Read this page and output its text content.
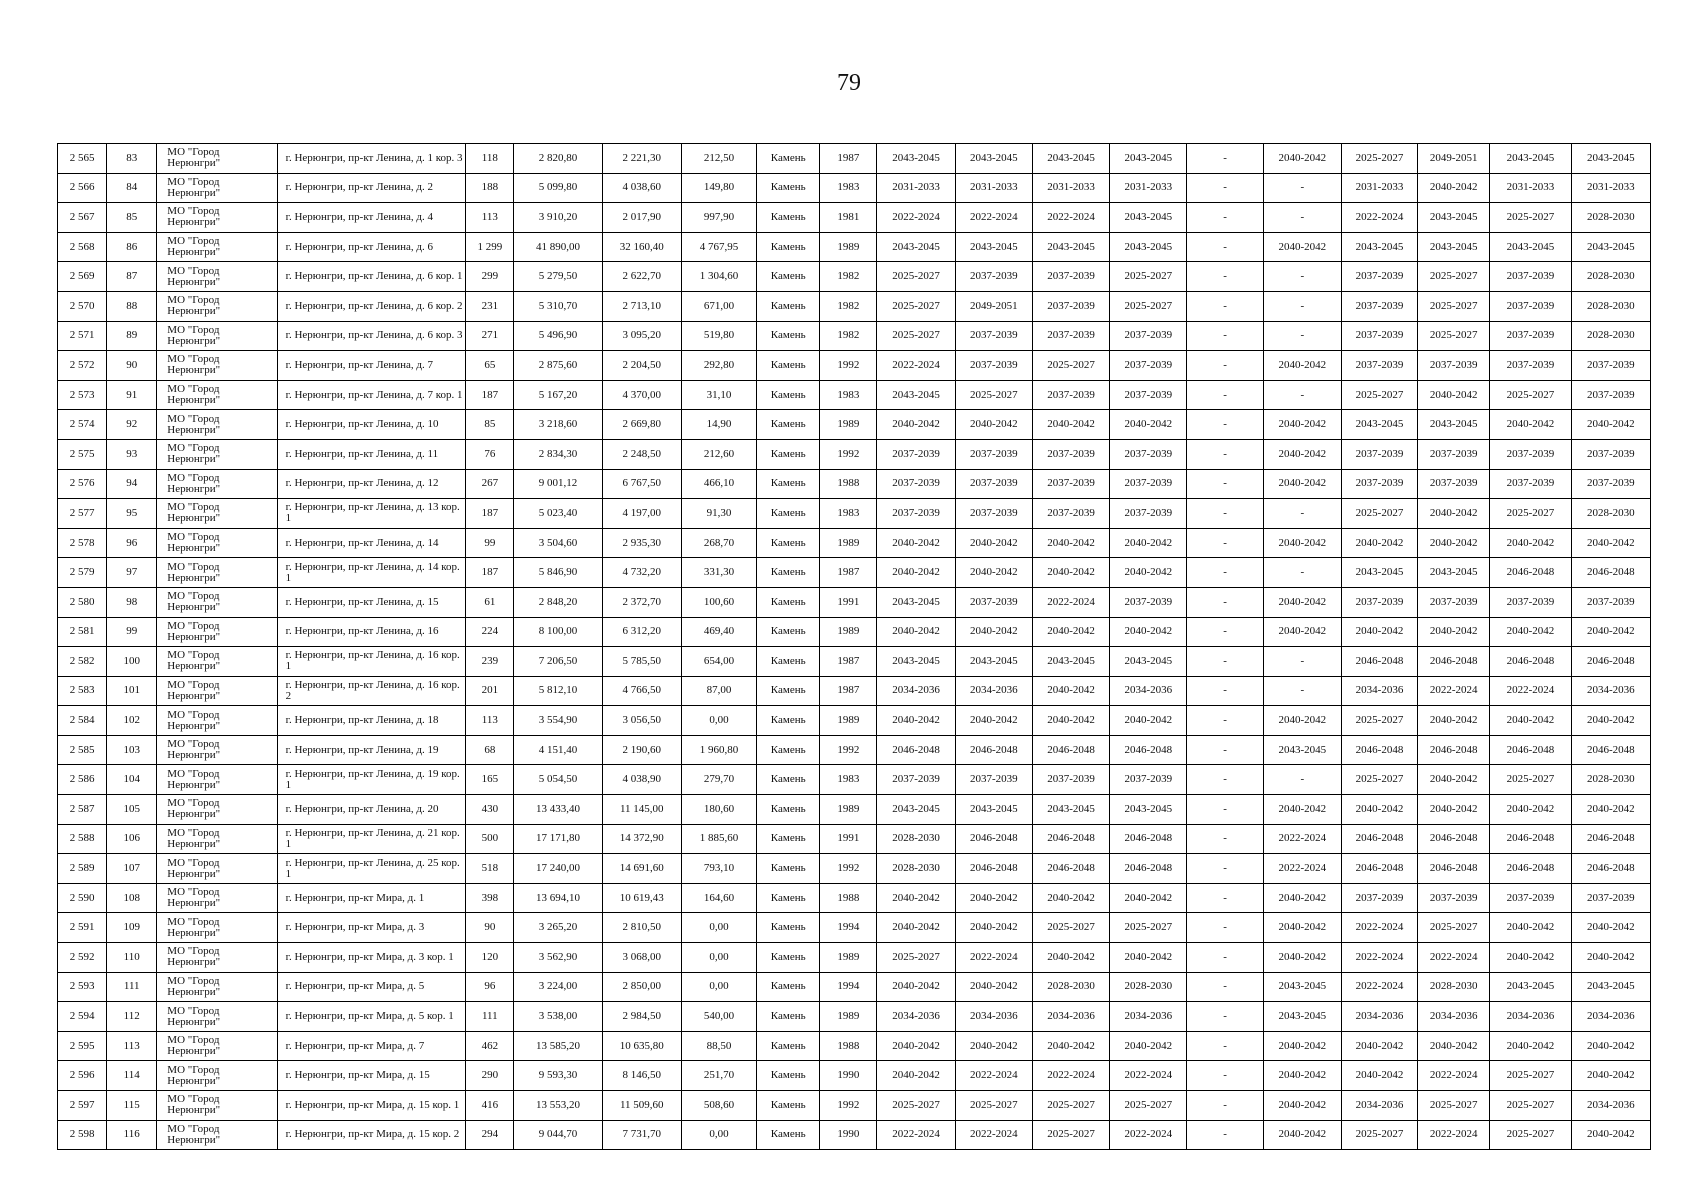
79
2 565	83	МО "Город Нерюнгри"	г. Нерюнгри, пр-кт Ленина, д. 1 кор. 3	118	2 820,80	2 221,30	212,50	Камень	1987	2043-2045	2043-2045	2043-2045	2043-2045	-	2040-2042	2025-2027	2049-2051	2043-2045	2043-2045
2 566	84	МО "Город Нерюнгри"	г. Нерюнгри, пр-кт Ленина, д. 2	188	5 099,80	4 038,60	149,80	Камень	1983	2031-2033	2031-2033	2031-2033	2031-2033	-	-	2031-2033	2040-2042	2031-2033	2031-2033
2 567	85	МО "Город Нерюнгри"	г. Нерюнгри, пр-кт Ленина, д. 4	113	3 910,20	2 017,90	997,90	Камень	1981	2022-2024	2022-2024	2022-2024	2043-2045	-	-	2022-2024	2043-2045	2025-2027	2028-2030
2 568	86	МО "Город Нерюнгри"	г. Нерюнгри, пр-кт Ленина, д. 6	1 299	41 890,00	32 160,40	4 767,95	Камень	1989	2043-2045	2043-2045	2043-2045	2043-2045	-	2040-2042	2043-2045	2043-2045	2043-2045	2043-2045
2 569	87	МО "Город Нерюнгри"	г. Нерюнгри, пр-кт Ленина, д. 6 кор. 1	299	5 279,50	2 622,70	1 304,60	Камень	1982	2025-2027	2037-2039	2037-2039	2025-2027	-	-	2037-2039	2025-2027	2037-2039	2028-2030
2 570	88	МО "Город Нерюнгри"	г. Нерюнгри, пр-кт Ленина, д. 6 кор. 2	231	5 310,70	2 713,10	671,00	Камень	1982	2025-2027	2049-2051	2037-2039	2025-2027	-	-	2037-2039	2025-2027	2037-2039	2028-2030
2 571	89	МО "Город Нерюнгри"	г. Нерюнгри, пр-кт Ленина, д. 6 кор. 3	271	5 496,90	3 095,20	519,80	Камень	1982	2025-2027	2037-2039	2037-2039	2037-2039	-	-	2037-2039	2025-2027	2037-2039	2028-2030
2 572	90	МО "Город Нерюнгри"	г. Нерюнгри, пр-кт Ленина, д. 7	65	2 875,60	2 204,50	292,80	Камень	1992	2022-2024	2037-2039	2025-2027	2037-2039	-	2040-2042	2037-2039	2037-2039	2037-2039	2037-2039
2 573	91	МО "Город Нерюнгри"	г. Нерюнгри, пр-кт Ленина, д. 7 кор. 1	187	5 167,20	4 370,00	31,10	Камень	1983	2043-2045	2025-2027	2037-2039	2037-2039	-	-	2025-2027	2040-2042	2025-2027	2037-2039
2 574	92	МО "Город Нерюнгри"	г. Нерюнгри, пр-кт Ленина, д. 10	85	3 218,60	2 669,80	14,90	Камень	1989	2040-2042	2040-2042	2040-2042	2040-2042	-	2040-2042	2043-2045	2043-2045	2040-2042	2040-2042
2 575	93	МО "Город Нерюнгри"	г. Нерюнгри, пр-кт Ленина, д. 11	76	2 834,30	2 248,50	212,60	Камень	1992	2037-2039	2037-2039	2037-2039	2037-2039	-	2040-2042	2037-2039	2037-2039	2037-2039	2037-2039
2 576	94	МО "Город Нерюнгри"	г. Нерюнгри, пр-кт Ленина, д. 12	267	9 001,12	6 767,50	466,10	Камень	1988	2037-2039	2037-2039	2037-2039	2037-2039	-	2040-2042	2037-2039	2037-2039	2037-2039	2037-2039
2 577	95	МО "Город Нерюнгри"	г. Нерюнгри, пр-кт Ленина, д. 13 кор. 1	187	5 023,40	4 197,00	91,30	Камень	1983	2037-2039	2037-2039	2037-2039	2037-2039	-	-	2025-2027	2040-2042	2025-2027	2028-2030
2 578	96	МО "Город Нерюнгри"	г. Нерюнгри, пр-кт Ленина, д. 14	99	3 504,60	2 935,30	268,70	Камень	1989	2040-2042	2040-2042	2040-2042	2040-2042	-	2040-2042	2040-2042	2040-2042	2040-2042	2040-2042
2 579	97	МО "Город Нерюнгри"	г. Нерюнгри, пр-кт Ленина, д. 14 кор. 1	187	5 846,90	4 732,20	331,30	Камень	1987	2040-2042	2040-2042	2040-2042	2040-2042	-	-	2043-2045	2043-2045	2046-2048	2046-2048
2 580	98	МО "Город Нерюнгри"	г. Нерюнгри, пр-кт Ленина, д. 15	61	2 848,20	2 372,70	100,60	Камень	1991	2043-2045	2037-2039	2022-2024	2037-2039	-	2040-2042	2037-2039	2037-2039	2037-2039	2037-2039
2 581	99	МО "Город Нерюнгри"	г. Нерюнгри, пр-кт Ленина, д. 16	224	8 100,00	6 312,20	469,40	Камень	1989	2040-2042	2040-2042	2040-2042	2040-2042	-	2040-2042	2040-2042	2040-2042	2040-2042	2040-2042
2 582	100	МО "Город Нерюнгри"	г. Нерюнгри, пр-кт Ленина, д. 16 кор. 1	239	7 206,50	5 785,50	654,00	Камень	1987	2043-2045	2043-2045	2043-2045	2043-2045	-	-	2046-2048	2046-2048	2046-2048	2046-2048
2 583	101	МО "Город Нерюнгри"	г. Нерюнгри, пр-кт Ленина, д. 16 кор. 2	201	5 812,10	4 766,50	87,00	Камень	1987	2034-2036	2034-2036	2040-2042	2034-2036	-	-	2034-2036	2022-2024	2022-2024	2034-2036
2 584	102	МО "Город Нерюнгри"	г. Нерюнгри, пр-кт Ленина, д. 18	113	3 554,90	3 056,50	0,00	Камень	1989	2040-2042	2040-2042	2040-2042	2040-2042	-	2040-2042	2025-2027	2040-2042	2040-2042	2040-2042
2 585	103	МО "Город Нерюнгри"	г. Нерюнгри, пр-кт Ленина, д. 19	68	4 151,40	2 190,60	1 960,80	Камень	1992	2046-2048	2046-2048	2046-2048	2046-2048	-	2043-2045	2046-2048	2046-2048	2046-2048	2046-2048
2 586	104	МО "Город Нерюнгри"	г. Нерюнгри, пр-кт Ленина, д. 19 кор. 1	165	5 054,50	4 038,90	279,70	Камень	1983	2037-2039	2037-2039	2037-2039	2037-2039	-	-	2025-2027	2040-2042	2025-2027	2028-2030
2 587	105	МО "Город Нерюнгри"	г. Нерюнгри, пр-кт Ленина, д. 20	430	13 433,40	11 145,00	180,60	Камень	1989	2043-2045	2043-2045	2043-2045	2043-2045	-	2040-2042	2040-2042	2040-2042	2040-2042	2040-2042
2 588	106	МО "Город Нерюнгри"	г. Нерюнгри, пр-кт Ленина, д. 21 кор. 1	500	17 171,80	14 372,90	1 885,60	Камень	1991	2028-2030	2046-2048	2046-2048	2046-2048	-	2022-2024	2046-2048	2046-2048	2046-2048	2046-2048
2 589	107	МО "Город Нерюнгри"	г. Нерюнгри, пр-кт Ленина, д. 25 кор. 1	518	17 240,00	14 691,60	793,10	Камень	1992	2028-2030	2046-2048	2046-2048	2046-2048	-	2022-2024	2046-2048	2046-2048	2046-2048	2046-2048
2 590	108	МО "Город Нерюнгри"	г. Нерюнгри, пр-кт Мира, д. 1	398	13 694,10	10 619,43	164,60	Камень	1988	2040-2042	2040-2042	2040-2042	2040-2042	-	2040-2042	2037-2039	2037-2039	2037-2039	2037-2039
2 591	109	МО "Город Нерюнгри"	г. Нерюнгри, пр-кт Мира, д. 3	90	3 265,20	2 810,50	0,00	Камень	1994	2040-2042	2040-2042	2025-2027	2025-2027	-	2040-2042	2022-2024	2025-2027	2040-2042	2040-2042
2 592	110	МО "Город Нерюнгри"	г. Нерюнгри, пр-кт Мира, д. 3 кор. 1	120	3 562,90	3 068,00	0,00	Камень	1989	2025-2027	2022-2024	2040-2042	2040-2042	-	2040-2042	2022-2024	2022-2024	2040-2042	2040-2042
2 593	111	МО "Город Нерюнгри"	г. Нерюнгри, пр-кт Мира, д. 5	96	3 224,00	2 850,00	0,00	Камень	1994	2040-2042	2040-2042	2028-2030	2028-2030	-	2043-2045	2022-2024	2028-2030	2043-2045	2043-2045
2 594	112	МО "Город Нерюнгри"	г. Нерюнгри, пр-кт Мира, д. 5 кор. 1	111	3 538,00	2 984,50	540,00	Камень	1989	2034-2036	2034-2036	2034-2036	2034-2036	-	2043-2045	2034-2036	2034-2036	2034-2036	2034-2036
2 595	113	МО "Город Нерюнгри"	г. Нерюнгри, пр-кт Мира, д. 7	462	13 585,20	10 635,80	88,50	Камень	1988	2040-2042	2040-2042	2040-2042	2040-2042	-	2040-2042	2040-2042	2040-2042	2040-2042	2040-2042
2 596	114	МО "Город Нерюнгри"	г. Нерюнгри, пр-кт Мира, д. 15	290	9 593,30	8 146,50	251,70	Камень	1990	2040-2042	2022-2024	2022-2024	2022-2024	-	2040-2042	2040-2042	2022-2024	2025-2027	2040-2042
2 597	115	МО "Город Нерюнгри"	г. Нерюнгри, пр-кт Мира, д. 15 кор. 1	416	13 553,20	11 509,60	508,60	Камень	1992	2025-2027	2025-2027	2025-2027	2025-2027	-	2040-2042	2034-2036	2025-2027	2025-2027	2034-2036
2 598	116	МО "Город Нерюнгри"	г. Нерюнгри, пр-кт Мира, д. 15 кор. 2	294	9 044,70	7 731,70	0,00	Камень	1990	2022-2024	2022-2024	2025-2027	2022-2024	-	2040-2042	2025-2027	2022-2024	2025-2027	2040-2042
